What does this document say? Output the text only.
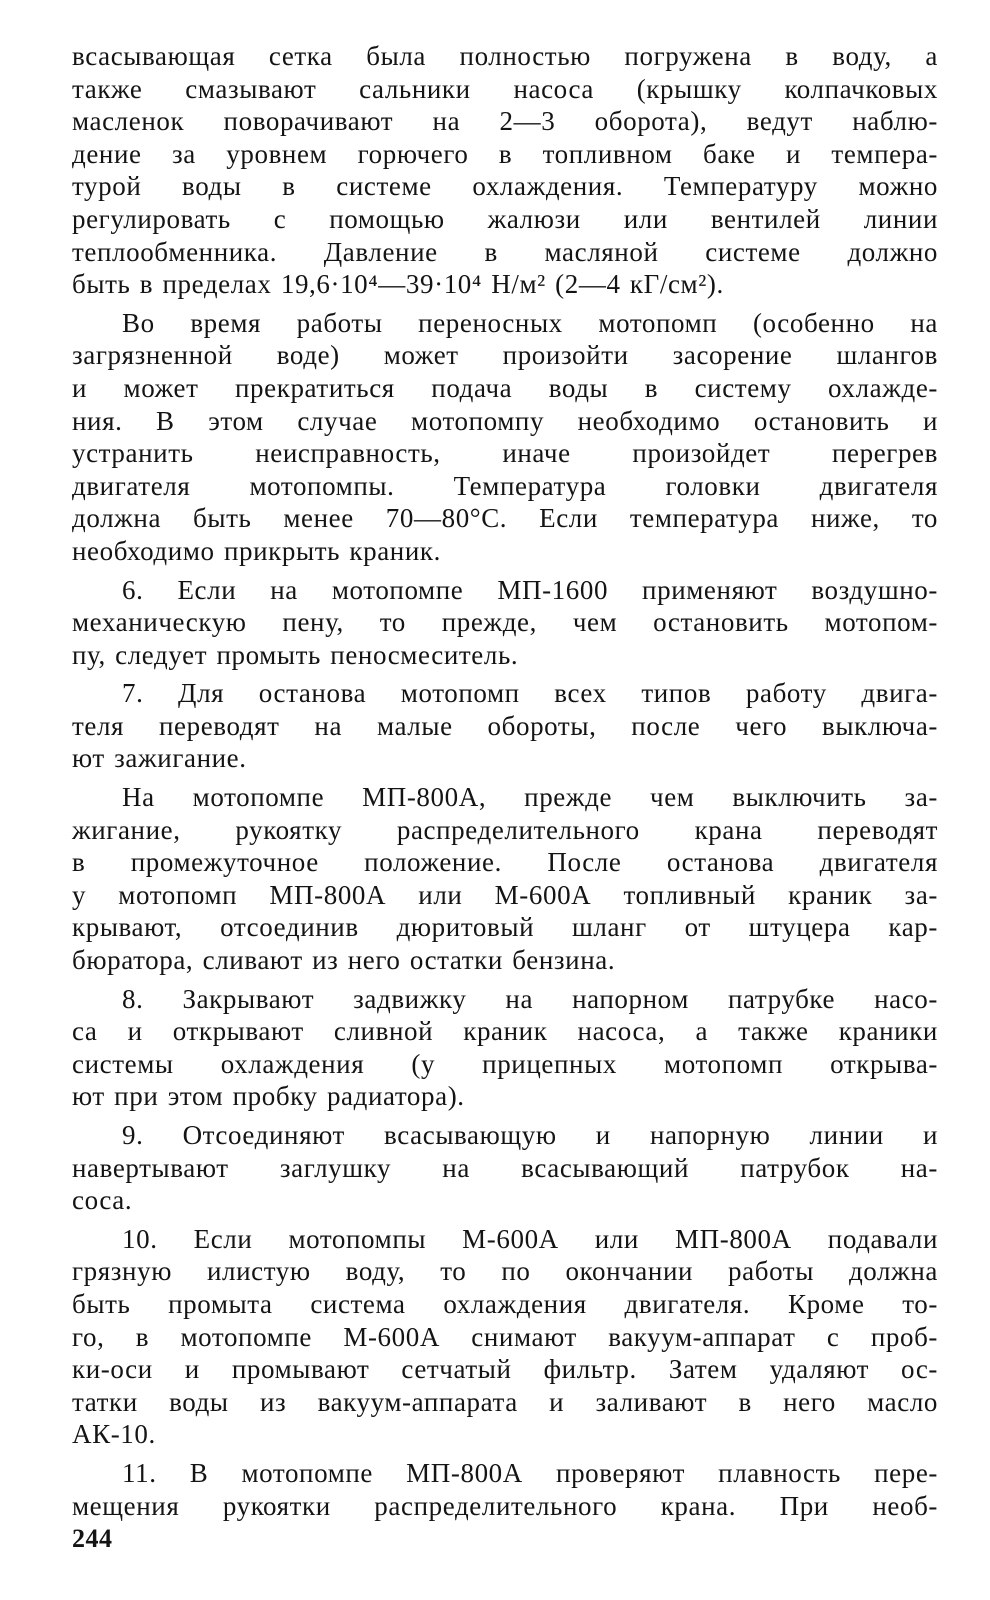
всасывающая сетка была полностью погружена в воду, а
также смазывают сальники насоса (крышку колпачковых
масленок поворачивают на 2—3 оборота), ведут наблю-
дение за уровнем горючего в топливном баке и темпера-
турой воды в системе охлаждения. Температуру можно
регулировать с помощью жалюзи или вентилей линии
теплообменника. Давление в масляной системе должно
быть в пределах 19,6·10⁴—39·10⁴ Н/м² (2—4 кГ/см²).
Во время работы переносных мотопомп (особенно на
загрязненной воде) может произойти засорение шлангов
и может прекратиться подача воды в систему охлажде-
ния. В этом случае мотопомпу необходимо остановить и
устранить неисправность, иначе произойдет перегрев
двигателя мотопомпы. Температура головки двигателя
должна быть менее 70—80°С. Если температура ниже, то
необходимо прикрыть краник.
6. Если на мотопомпе МП-1600 применяют воздушно-
механическую пену, то прежде, чем остановить мотопом-
пу, следует промыть пеносмеситель.
7. Для останова мотопомп всех типов работу двига-
теля переводят на малые обороты, после чего выключа-
ют зажигание.
На мотопомпе МП-800А, прежде чем выключить за-
жигание, рукоятку распределительного крана переводят
в промежуточное положение. После останова двигателя
у мотопомп МП-800А или М-600А топливный краник за-
крывают, отсоединив дюритовый шланг от штуцера кар-
бюратора, сливают из него остатки бензина.
8. Закрывают задвижку на напорном патрубке насо-
са и открывают сливной краник насоса, а также краники
системы охлаждения (у прицепных мотопомп открыва-
ют при этом пробку радиатора).
9. Отсоединяют всасывающую и напорную линии и
навертывают заглушку на всасывающий патрубок на-
соса.
10. Если мотопомпы М-600А или МП-800А подавали
грязную илистую воду, то по окончании работы должна
быть промыта система охлаждения двигателя. Кроме то-
го, в мотопомпе М-600А снимают вакуум-аппарат с проб-
ки-оси и промывают сетчатый фильтр. Затем удаляют ос-
татки воды из вакуум-аппарата и заливают в него масло
АК-10.
11. В мотопомпе МП-800А проверяют плавность пере-
мещения рукоятки распределительного крана. При необ-
244
